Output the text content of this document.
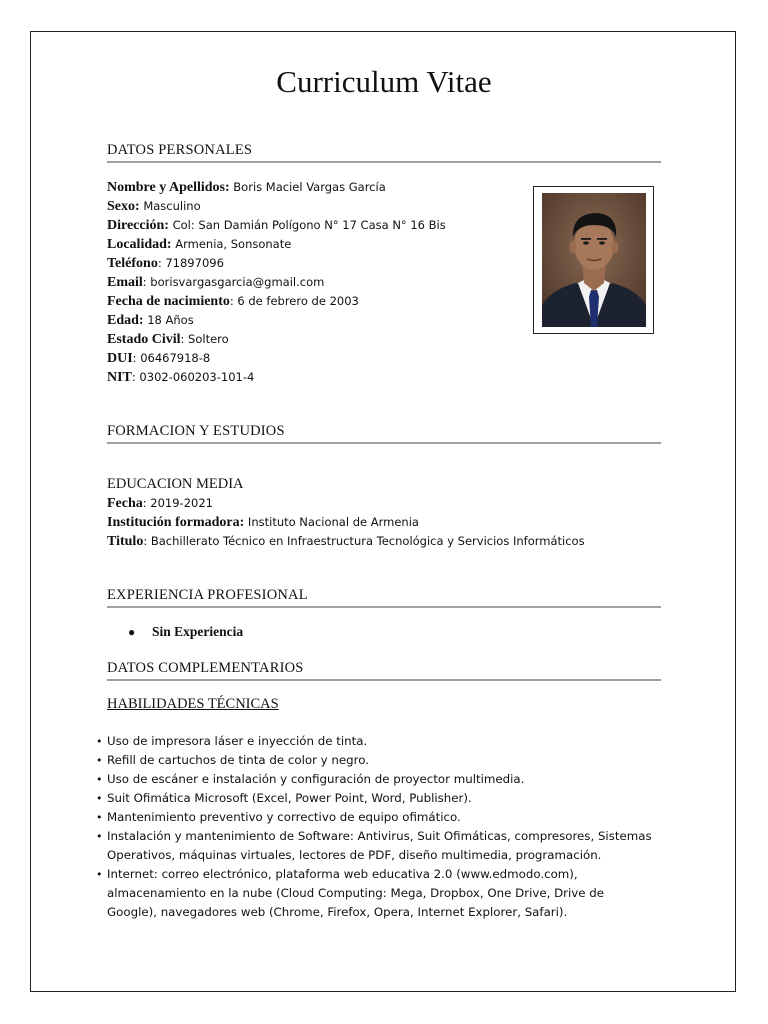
Curriculum Vitae
DATOS PERSONALES
Nombre y Apellidos: Boris Maciel Vargas García
Sexo: Masculino
Dirección: Col: San Damián Polígono N° 17 Casa N° 16 Bis
Localidad: Armenia, Sonsonate
Teléfono: 71897096
Email: borisvargasgarcia@gmail.com
Fecha de nacimiento: 6 de febrero de 2003
Edad: 18 Años
Estado Civil: Soltero
DUI: 06467918-8
NIT: 0302-060203-101-4
FORMACION Y ESTUDIOS
EDUCACION MEDIA
Fecha: 2019-2021
Institución formadora: Instituto Nacional de Armenia
Titulo: Bachillerato Técnico en Infraestructura Tecnológica y Servicios Informáticos
EXPERIENCIA PROFESIONAL
● Sin Experiencia
DATOS COMPLEMENTARIOS
HABILIDADES TÉCNICAS
• Uso de impresora láser e inyección de tinta.
• Refill de cartuchos de tinta de color y negro.
• Uso de escáner e instalación y configuración de proyector multimedia.
• Suit Ofimática Microsoft (Excel, Power Point, Word, Publisher).
• Mantenimiento preventivo y correctivo de equipo ofimático.
• Instalación y mantenimiento de Software: Antivirus, Suit Ofimáticas, compresores, Sistemas Operativos, máquinas virtuales, lectores de PDF, diseño multimedia, programación.
• Internet: correo electrónico, plataforma web educativa 2.0 (www.edmodo.com), almacenamiento en la nube (Cloud Computing: Mega, Dropbox, One Drive, Drive de Google), navegadores web (Chrome, Firefox, Opera, Internet Explorer, Safari).
